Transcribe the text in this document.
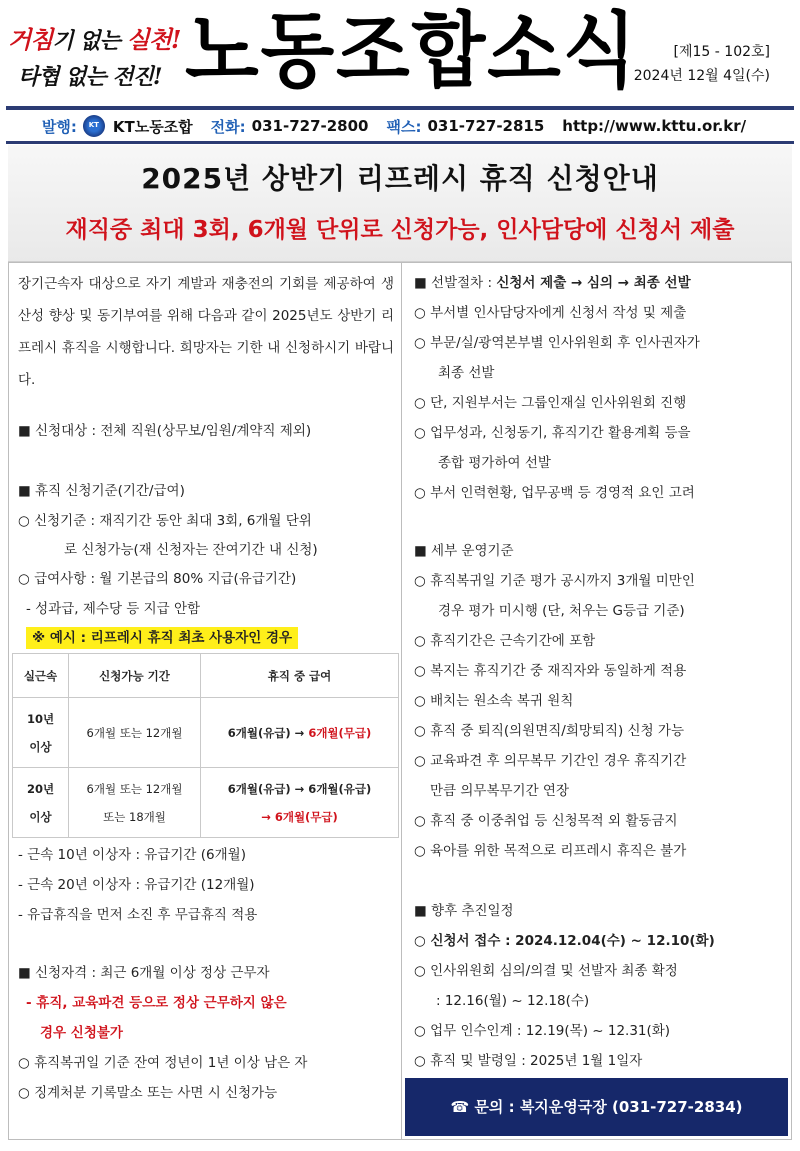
거침기 없는 실천!
타협 없는 전진! 노동조합소식	[제15 - 102호]
2024년 12월 4일(수)
발행: KT KT노동조합 전화: 031-727-2800 팩스: 031-727-2815 http://www.kttu.or.kr/
2025년 상반기 리프레시 휴직 신청안내
재직중 최대 3회, 6개월 단위로 신청가능, 인사담당에 신청서 제출
장기근속자 대상으로 자기 계발과 재충전의 기회를 제공하여 생산성 향상 및 동기부여를 위해 다음과 같이 2025년도 상반기 리프레시 휴직을 시행합니다. 희망자는 기한 내 신청하시기 바랍니다.
■ 신청대상 : 전체 직원(상무보/임원/계약직 제외)
■ 휴직 신청기준(기간/급여)
○ 신청기준 : 재직기간 동안 최대 3회, 6개월 단위
로 신청가능(재 신청자는 잔여기간 내 신청)
○ 급여사항 : 월 기본급의 80% 지급(유급기간)
- 성과급, 제수당 등 지급 안함
※ 예시 : 리프레시 휴직 최초 사용자인 경우
실근속	신청가능 기간	휴직 중 급여
10년
이상	6개월 또는 12개월	6개월(유급) → 6개월(무급)
20년
이상	6개월 또는 12개월
또는 18개월	6개월(유급) → 6개월(유급)
→ 6개월(무급)
- 근속 10년 이상자 : 유급기간 (6개월)
- 근속 20년 이상자 : 유급기간 (12개월)
- 유급휴직을 먼저 소진 후 무급휴직 적용
■ 신청자격 : 최근 6개월 이상 정상 근무자
- 휴직, 교육파견 등으로 정상 근무하지 않은
경우 신청불가
○ 휴직복귀일 기준 잔여 정년이 1년 이상 남은 자
○ 징계처분 기록말소 또는 사면 시 신청가능
■ 선발절차 : 신청서 제출 → 심의 → 최종 선발
○ 부서별 인사담당자에게 신청서 작성 및 제출
○ 부문/실/광역본부별 인사위원회 후 인사권자가
최종 선발
○ 단, 지원부서는 그룹인재실 인사위원회 진행
○ 업무성과, 신청동기, 휴직기간 활용계획 등을
종합 평가하여 선발
○ 부서 인력현황, 업무공백 등 경영적 요인 고려
■ 세부 운영기준
○ 휴직복귀일 기준 평가 공시까지 3개월 미만인
경우 평가 미시행 (단, 처우는 G등급 기준)
○ 휴직기간은 근속기간에 포함
○ 복지는 휴직기간 중 재직자와 동일하게 적용
○ 배치는 원소속 복귀 원칙
○ 휴직 중 퇴직(의원면직/희망퇴직) 신청 가능
○ 교육파견 후 의무복무 기간인 경우 휴직기간
만큼 의무복무기간 연장
○ 휴직 중 이중취업 등 신청목적 외 활동금지
○ 육아를 위한 목적으로 리프레시 휴직은 불가
■ 향후 추진일정
○ 신청서 접수 : 2024.12.04(수) ~ 12.10(화)
○ 인사위원회 심의/의결 및 선발자 최종 확정
: 12.16(월) ~ 12.18(수)
○ 업무 인수인계 : 12.19(목) ~ 12.31(화)
○ 휴직 및 발령일 : 2025년 1월 1일자
☎ 문의 : 복지운영국장 (031-727-2834)
